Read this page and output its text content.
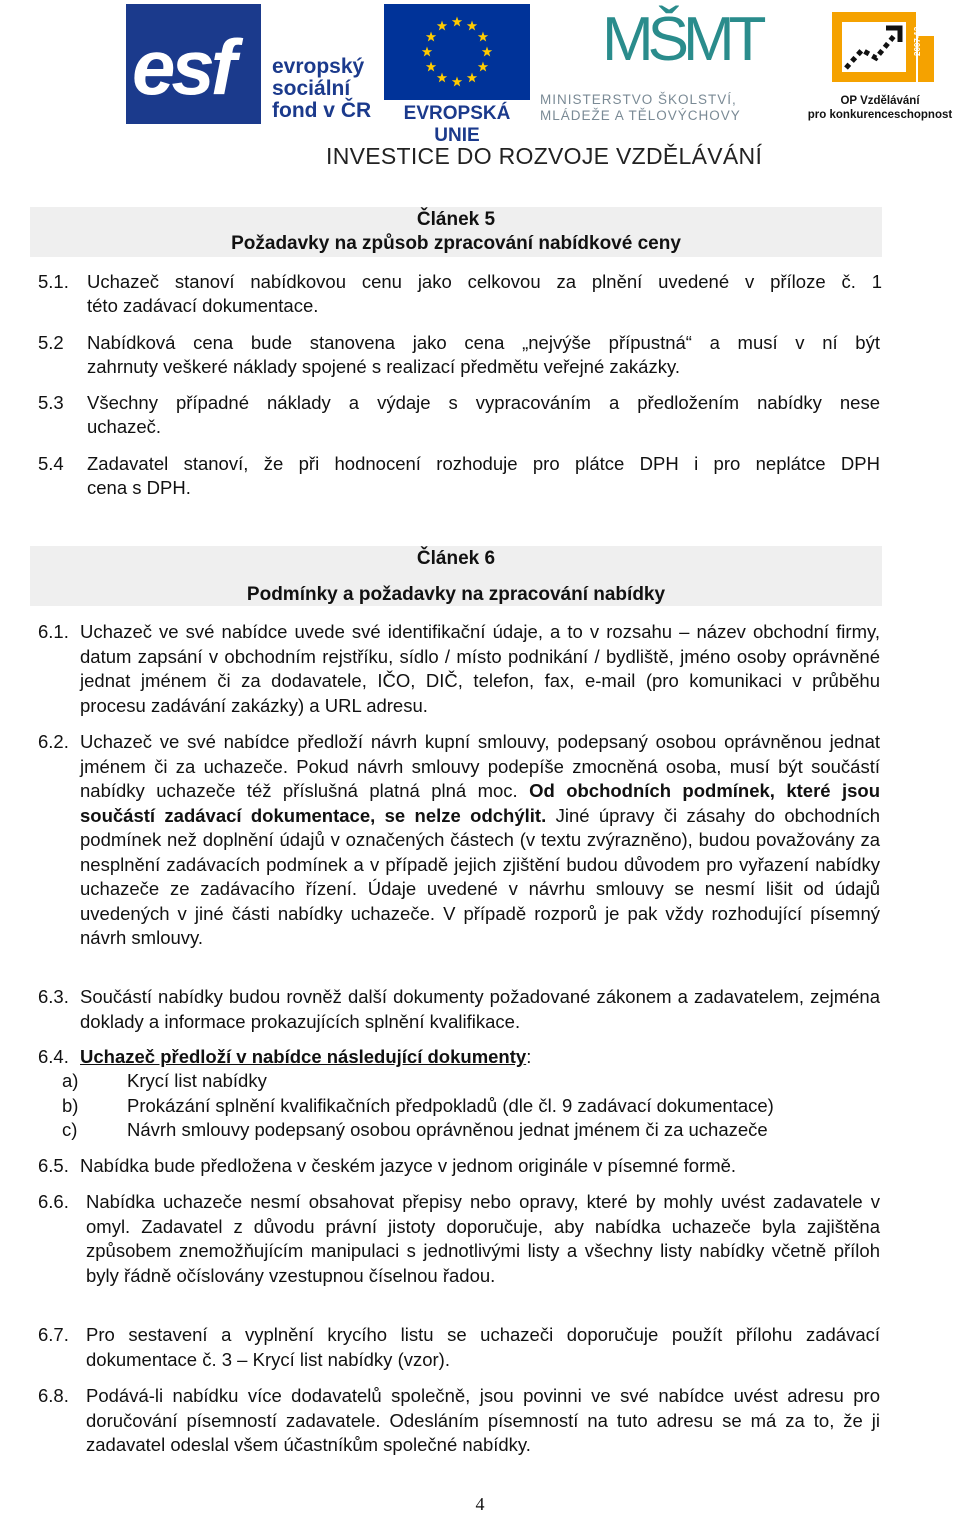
esf evropský
sociální
fond v ČR	EVROPSKÁ UNIE
MŠMT
MINISTERSTVO ŠKOLSTVÍ,
MLÁDEŽE A TĚLOVÝCHOVY
2007-13
OP Vzdělávání
pro konkurenceschopnost
INVESTICE DO ROZVOJE VZDĚLÁVÁNÍ
Článek 5
Požadavky na způsob zpracování nabídkové ceny
5.1. Uchazeč stanoví nabídkovou cenu jako celkovou za plnění uvedené v příloze č. 1
této zadávací dokumentace.
5.2 Nabídková cena bude stanovena jako cena „nejvýše přípustná“ a musí v ní být
zahrnuty veškeré náklady spojené s realizací předmětu veřejné zakázky.
5.3 Všechny případné náklady a výdaje s vypracováním a předložením nabídky nese
uchazeč.
5.4 Zadavatel stanoví, že při hodnocení rozhoduje pro plátce DPH i pro neplátce DPH
cena s DPH.
Článek 6
Podmínky a požadavky na zpracování nabídky
6.1. Uchazeč ve své nabídce uvede své identifikační údaje, a to v rozsahu – název obchodní firmy, datum zapsání v obchodním rejstříku, sídlo / místo podnikání / bydliště, jméno osoby oprávněné jednat jménem či za dodavatele, IČO, DIČ, telefon, fax, e-mail (pro komunikaci v průběhu procesu zadávání zakázky) a URL adresu.
6.2. Uchazeč ve své nabídce předloží návrh kupní smlouvy, podepsaný osobou oprávněnou jednat jménem či za uchazeče. Pokud návrh smlouvy podepíše zmocněná osoba, musí být součástí nabídky uchazeče též příslušná platná plná moc. Od obchodních podmínek, které jsou součástí zadávací dokumentace, se nelze odchýlit. Jiné úpravy či zásahy do obchodních podmínek než doplnění údajů v označených částech (v textu zvýrazněno), budou považovány za nesplnění zadávacích podmínek a v případě jejich zjištění budou důvodem pro vyřazení nabídky uchazeče ze zadávacího řízení. Údaje uvedené v návrhu smlouvy se nesmí lišit od údajů uvedených v jiné části nabídky uchazeče. V případě rozporů je pak vždy rozhodující písemný návrh smlouvy.
6.3. Součástí nabídky budou rovněž další dokumenty požadované zákonem a zadavatelem, zejména doklady a informace prokazujících splnění kvalifikace.
6.4. Uchazeč předloží v nabídce následující dokumenty:
a)	Krycí list nabídky
b)	Prokázání splnění kvalifikačních předpokladů (dle čl. 9 zadávací dokumentace)
c)	Návrh smlouvy podepsaný osobou oprávněnou jednat jménem či za uchazeče
6.5. Nabídka bude předložena v českém jazyce v jednom originále v písemné formě.
6.6. Nabídka uchazeče nesmí obsahovat přepisy nebo opravy, které by mohly uvést zadavatele v omyl. Zadavatel z důvodu právní jistoty doporučuje, aby nabídka uchazeče byla zajištěna způsobem znemožňujícím manipulaci s jednotlivými listy a všechny listy nabídky včetně příloh byly řádně očíslovány vzestupnou číselnou řadou.
6.7. Pro sestavení a vyplnění krycího listu se uchazeči doporučuje použít přílohu zadávací dokumentace č. 3 – Krycí list nabídky (vzor).
6.8. Podává-li nabídku více dodavatelů společně, jsou povinni ve své nabídce uvést adresu pro doručování písemností zadavatele. Odesláním písemností na tuto adresu se má za to, že ji zadavatel odeslal všem účastníkům společné nabídky.
4
